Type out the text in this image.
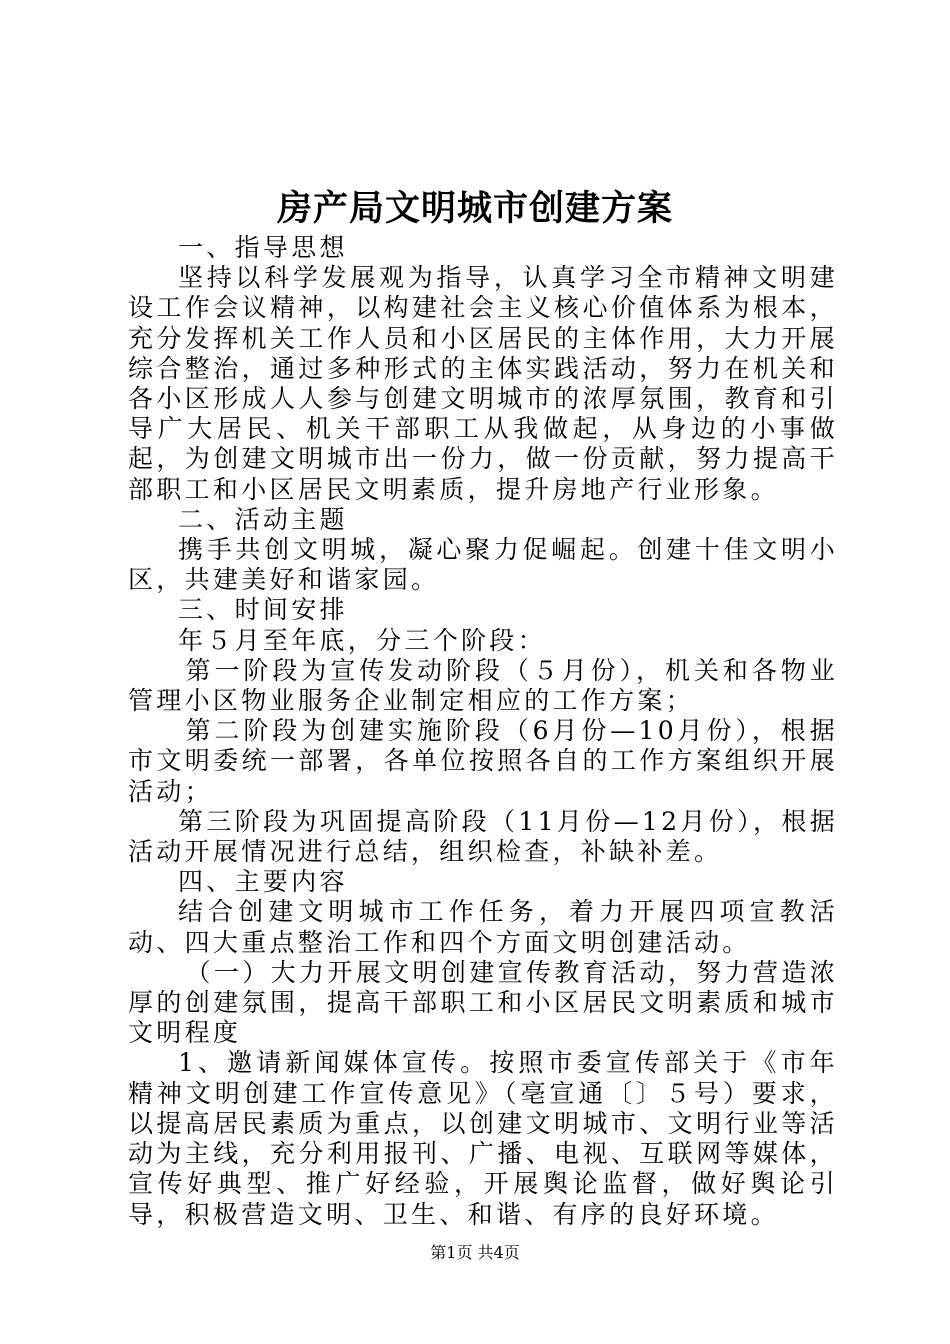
房产局文明城市创建方案

一、指导思想

坚持以科学发展观为指导，认真学习全市精神文明建设工作会议精神，以构建社会主义核心价值体系为根本，充分发挥机关工作人员和小区居民的主体作用，大力开展综合整治，通过多种形式的主体实践活动，努力在机关和各小区形成人人参与创建文明城市的浓厚氛围，教育和引导广大居民、机关干部职工从我做起，从身边的小事做起，为创建文明城市出一份力，做一份贡献，努力提高干部职工和小区居民文明素质，提升房地产行业形象。

二、活动主题

携手共创文明城，凝心聚力促崛起。创建十佳文明小区，共建美好和谐家园。

三、时间安排

年５月至年底，分三个阶段：

第一阶段为宣传发动阶段（５月份），机关和各物业管理小区物业服务企业制定相应的工作方案；

第二阶段为创建实施阶段（6月份—10月份），根据市文明委统一部署，各单位按照各自的工作方案组织开展活动；

第三阶段为巩固提高阶段（11月份—12月份），根据活动开展情况进行总结，组织检查，补缺补差。

四、主要内容

结合创建文明城市工作任务，着力开展四项宣教活动、四大重点整治工作和四个方面文明创建活动。

（一）大力开展文明创建宣传教育活动，努力营造浓厚的创建氛围，提高干部职工和小区居民文明素质和城市文明程度

1、邀请新闻媒体宣传。按照市委宣传部关于《市年精神文明创建工作宣传意见》（亳宣通〔〕５号）要求，以提高居民素质为重点，以创建文明城市、文明行业等活动为主线，充分利用报刊、广播、电视、互联网等媒体，宣传好典型、推广好经验，开展舆论监督，做好舆论引导，积极营造文明、卫生、和谐、有序的良好环境。

第1页 共4页
